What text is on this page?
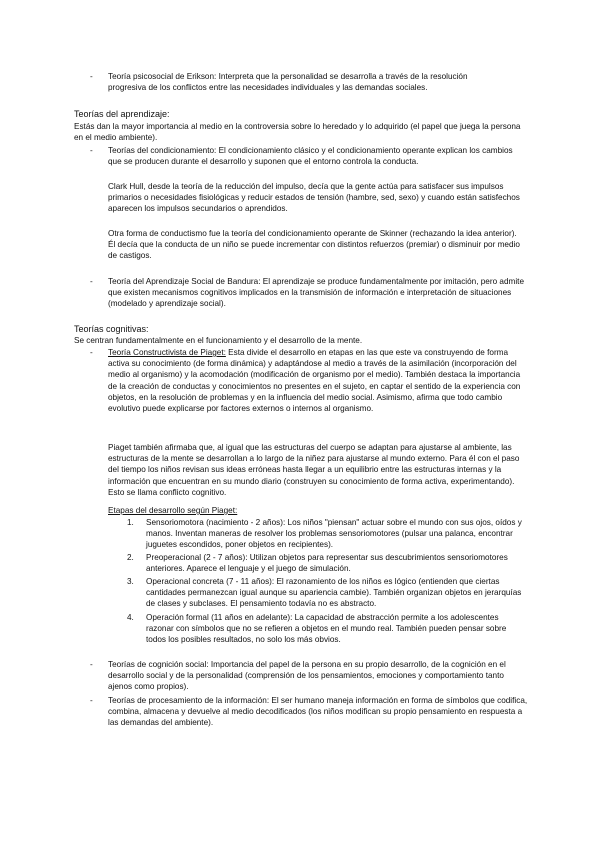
- Teoría psicosocial de Erikson: Interpreta que la personalidad se desarrolla a través de la resolución progresiva de los conflictos entre las necesidades individuales y las demandas sociales.
Teorías del aprendizaje:
Estás dan la mayor importancia al medio en la controversia sobre lo heredado y lo adquirido (el papel que juega la persona en el medio ambiente).
- Teorías del condicionamiento: El condicionamiento clásico y el condicionamiento operante explican los cambios que se producen durante el desarrollo y suponen que el entorno controla la conducta.
Clark Hull, desde la teoría de la reducción del impulso, decía que la gente actúa para satisfacer sus impulsos primarios o necesidades fisiológicas y reducir estados de tensión (hambre, sed, sexo) y cuando están satisfechos aparecen los impulsos secundarios o aprendidos.
Otra forma de conductismo fue la teoría del condicionamiento operante de Skinner (rechazando la idea anterior). Él decía que la conducta de un niño se puede incrementar con distintos refuerzos (premiar) o disminuir por medio de castigos.
- Teoría del Aprendizaje Social de Bandura: El aprendizaje se produce fundamentalmente por imitación, pero admite que existen mecanismos cognitivos implicados en la transmisión de información e interpretación de situaciones (modelado y aprendizaje social).
Teorías cognitivas:
Se centran fundamentalmente en el funcionamiento y el desarrollo de la mente.
- Teoría Constructivista de Piaget: Esta divide el desarrollo en etapas en las que este va construyendo de forma activa su conocimiento (de forma dinámica) y adaptándose al medio a través de la asimilación (incorporación del medio al organismo) y la acomodación (modificación de organismo por el medio). También destaca la importancia de la creación de conductas y conocimientos no presentes en el sujeto, en captar el sentido de la experiencia con objetos, en la resolución de problemas y en la influencia del medio social. Asimismo, afirma que todo cambio evolutivo puede explicarse por factores externos o internos al organismo.
Piaget también afirmaba que, al igual que las estructuras del cuerpo se adaptan para ajustarse al ambiente, las estructuras de la mente se desarrollan a lo largo de la niñez para ajustarse al mundo externo. Para él con el paso del tiempo los niños revisan sus ideas erróneas hasta llegar a un equilibrio entre las estructuras internas y la información que encuentran en su mundo diario (construyen su conocimiento de forma activa, experimentando). Esto se llama conflicto cognitivo.
Etapas del desarrollo según Piaget:
1. Sensoriomotora (nacimiento - 2 años): Los niños "piensan" actuar sobre el mundo con sus ojos, oídos y manos. Inventan maneras de resolver los problemas sensoriomotores (pulsar una palanca, encontrar juguetes escondidos, poner objetos en recipientes).
2. Preoperacional (2 - 7 años): Utilizan objetos para representar sus descubrimientos sensoriomotores anteriores. Aparece el lenguaje y el juego de simulación.
3. Operacional concreta (7 - 11 años): El razonamiento de los niños es lógico (entienden que ciertas cantidades permanezcan igual aunque su apariencia cambie). También organizan objetos en jerarquías de clases y subclases. El pensamiento todavía no es abstracto.
4. Operación formal (11 años en adelante): La capacidad de abstracción permite a los adolescentes razonar con símbolos que no se refieren a objetos en el mundo real. También pueden pensar sobre todos los posibles resultados, no solo los más obvios.
- Teorías de cognición social: Importancia del papel de la persona en su propio desarrollo, de la cognición en el desarrollo social y de la personalidad (comprensión de los pensamientos, emociones y comportamiento tanto ajenos como propios).
- Teorías de procesamiento de la información: El ser humano maneja información en forma de símbolos que codifica, combina, almacena y devuelve al medio decodificados (los niños modifican su propio pensamiento en respuesta a las demandas del ambiente).
